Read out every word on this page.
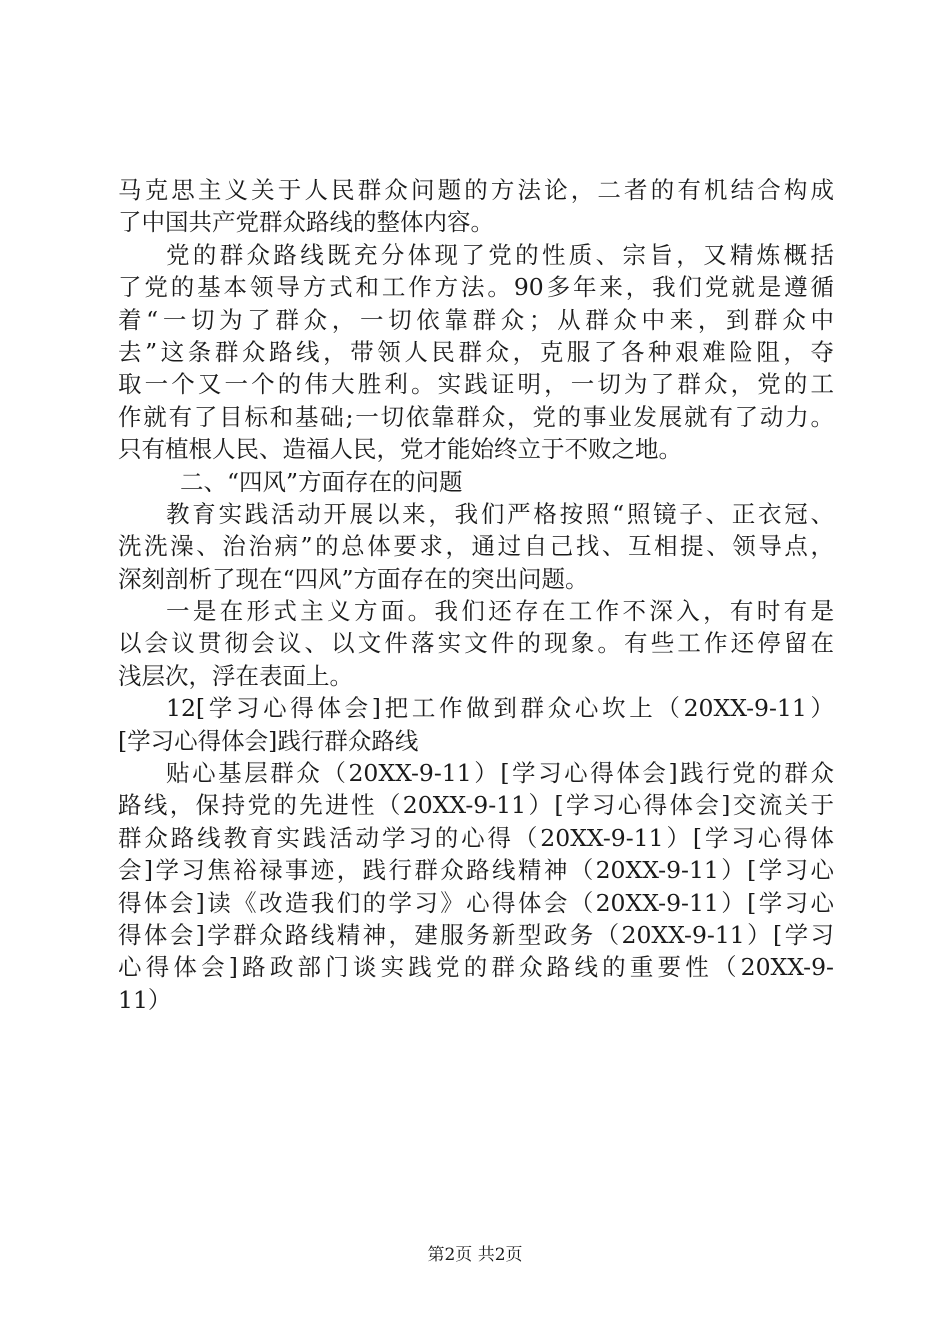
马克思主义关于人民群众问题的方法论，二者的有机结合构成
了中国共产党群众路线的整体内容。
党的群众路线既充分体现了党的性质、宗旨，又精炼概括
了党的基本领导方式和工作方法。90多年来，我们党就是遵循
着“一切为了群众，一切依靠群众；从群众中来，到群众中
去”这条群众路线，带领人民群众，克服了各种艰难险阻，夺
取一个又一个的伟大胜利。实践证明，一切为了群众，党的工
作就有了目标和基础;一切依靠群众，党的事业发展就有了动力。
只有植根人民、造福人民，党才能始终立于不败之地。
二、“四风”方面存在的问题
教育实践活动开展以来，我们严格按照“照镜子、正衣冠、
洗洗澡、治治病”的总体要求，通过自己找、互相提、领导点，
深刻剖析了现在“四风”方面存在的突出问题。
一是在形式主义方面。我们还存在工作不深入，有时有是
以会议贯彻会议、以文件落实文件的现象。有些工作还停留在
浅层次，浮在表面上。
12[学习心得体会]把工作做到群众心坎上（20XX-9-11）
[学习心得体会]践行群众路线
贴心基层群众（20XX-9-11）[学习心得体会]践行党的群众
路线，保持党的先进性（20XX-9-11）[学习心得体会]交流关于
群众路线教育实践活动学习的心得（20XX-9-11）[学习心得体
会]学习焦裕禄事迹，践行群众路线精神（20XX-9-11）[学习心
得体会]读《改造我们的学习》心得体会（20XX-9-11）[学习心
得体会]学群众路线精神，建服务新型政务（20XX-9-11）[学习
心得体会]路政部门谈实践党的群众路线的重要性（20XX-9-
11）
第2页 共2页
